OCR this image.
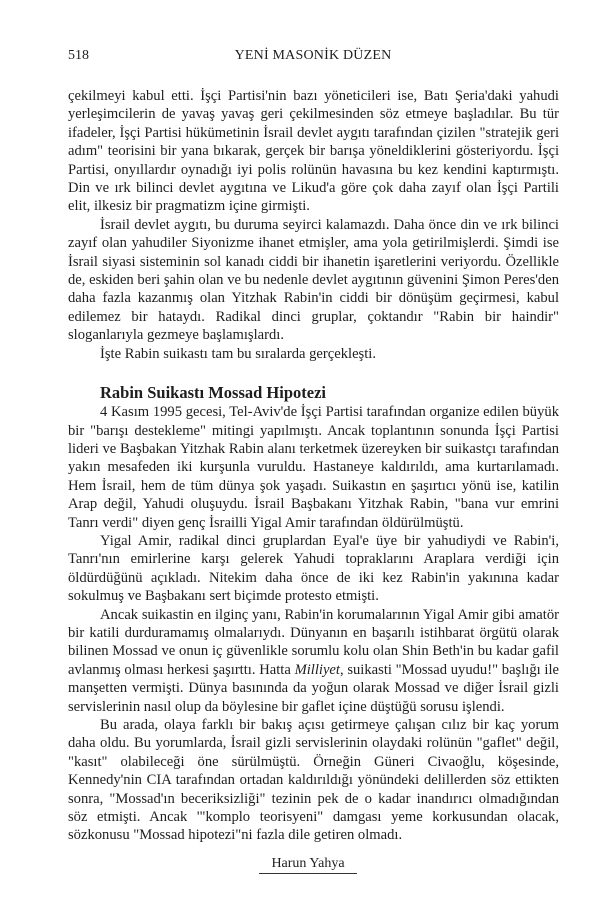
518	YENİ MASONİK DÜZEN

çekilmeyi kabul etti. İşçi Partisi'nin bazı yöneticileri ise, Batı Şeria'daki yahudi yerleşimcilerin de yavaş yavaş geri çekilmesinden söz etmeye başladılar. Bu tür ifadeler, İşçi Partisi hükümetinin İsrail devlet aygıtı tarafından çizilen "stratejik geri adım" teorisini bir yana bıkarak, gerçek bir barışa yöneldiklerini gösteriyordu. İşçi Partisi, onyıllardır oynadığı iyi polis rolünün havasına bu kez kendini kaptırmıştı. Din ve ırk bilinci devlet aygıtına ve Likud'a göre çok daha zayıf olan İşçi Partili elit, ilkesiz bir pragmatizm içine girmişti.

İsrail devlet aygıtı, bu duruma seyirci kalamazdı. Daha önce din ve ırk bilinci zayıf olan yahudiler Siyonizme ihanet etmişler, ama yola getirilmişlerdi. Şimdi ise İsrail siyasi sisteminin sol kanadı ciddi bir ihanetin işaretlerini veriyordu. Özellikle de, eskiden beri şahin olan ve bu nedenle devlet aygıtının güvenini Şimon Peres'den daha fazla kazanmış olan Yitzhak Rabin'in ciddi bir dönüşüm geçirmesi, kabul edilemez bir hataydı. Radikal dinci gruplar, çoktandır "Rabin bir haindir" sloganlarıyla gezmeye başlamışlardı.

İşte Rabin suikastı tam bu sıralarda gerçekleşti.

Rabin Suikastı Mossad Hipotezi

4 Kasım 1995 gecesi, Tel-Aviv'de İşçi Partisi tarafından organize edilen büyük bir "barışı destekleme" mitingi yapılmıştı. Ancak toplantının sonunda İşçi Partisi lideri ve Başbakan Yitzhak Rabin alanı terketmek üzereyken bir suikastçı tarafından yakın mesafeden iki kurşunla vuruldu. Hastaneye kaldırıldı, ama kurtarılamadı. Hem İsrail, hem de tüm dünya şok yaşadı. Suikastın en şaşırtıcı yönü ise, katilin Arap değil, Yahudi oluşuydu. İsrail Başbakanı Yitzhak Rabin, "bana vur emrini Tanrı verdi" diyen genç İsrailli Yigal Amir tarafından öldürülmüştü.

Yigal Amir, radikal dinci gruplardan Eyal'e üye bir yahudiydi ve Rabin'i, Tanrı'nın emirlerine karşı gelerek Yahudi topraklarını Araplara verdiği için öldürdüğünü açıkladı. Nitekim daha önce de iki kez Rabin'in yakınına kadar sokulmuş ve Başbakanı sert biçimde protesto etmişti.

Ancak suikastin en ilginç yanı, Rabin'in korumalarının Yigal Amir gibi amatör bir katili durduramamış olmalarıydı. Dünyanın en başarılı istihbarat örgütü olarak bilinen Mossad ve onun iç güvenlikle sorumlu kolu olan Shin Beth'in bu kadar gafil avlanmış olması herkesi şaşırttı. Hatta Milliyet, suikasti "Mossad uyudu!" başlığı ile manşetten vermişti. Dünya basınında da yoğun olarak Mossad ve diğer İsrail gizli servislerinin nasıl olup da böylesine bir gaflet içine düştüğü sorusu işlendi.

Bu arada, olaya farklı bir bakış açısı getirmeye çalışan cılız bir kaç yorum daha oldu. Bu yorumlarda, İsrail gizli servislerinin olaydaki rolünün "gaflet" değil, "kasıt" olabileceği öne sürülmüştü. Örneğin Güneri Civaoğlu, köşesinde, Kennedy'nin CIA tarafından ortadan kaldırıldığı yönündeki delillerden söz ettikten sonra, "Mossad'ın beceriksizliği" tezinin pek de o kadar inandırıcı olmadığından söz etmişti. Ancak '"komplo teorisyeni" damgası yeme korkusundan olacak, sözkonusu "Mossad hipotezi"ni fazla dile getiren olmadı.

Harun Yahya
